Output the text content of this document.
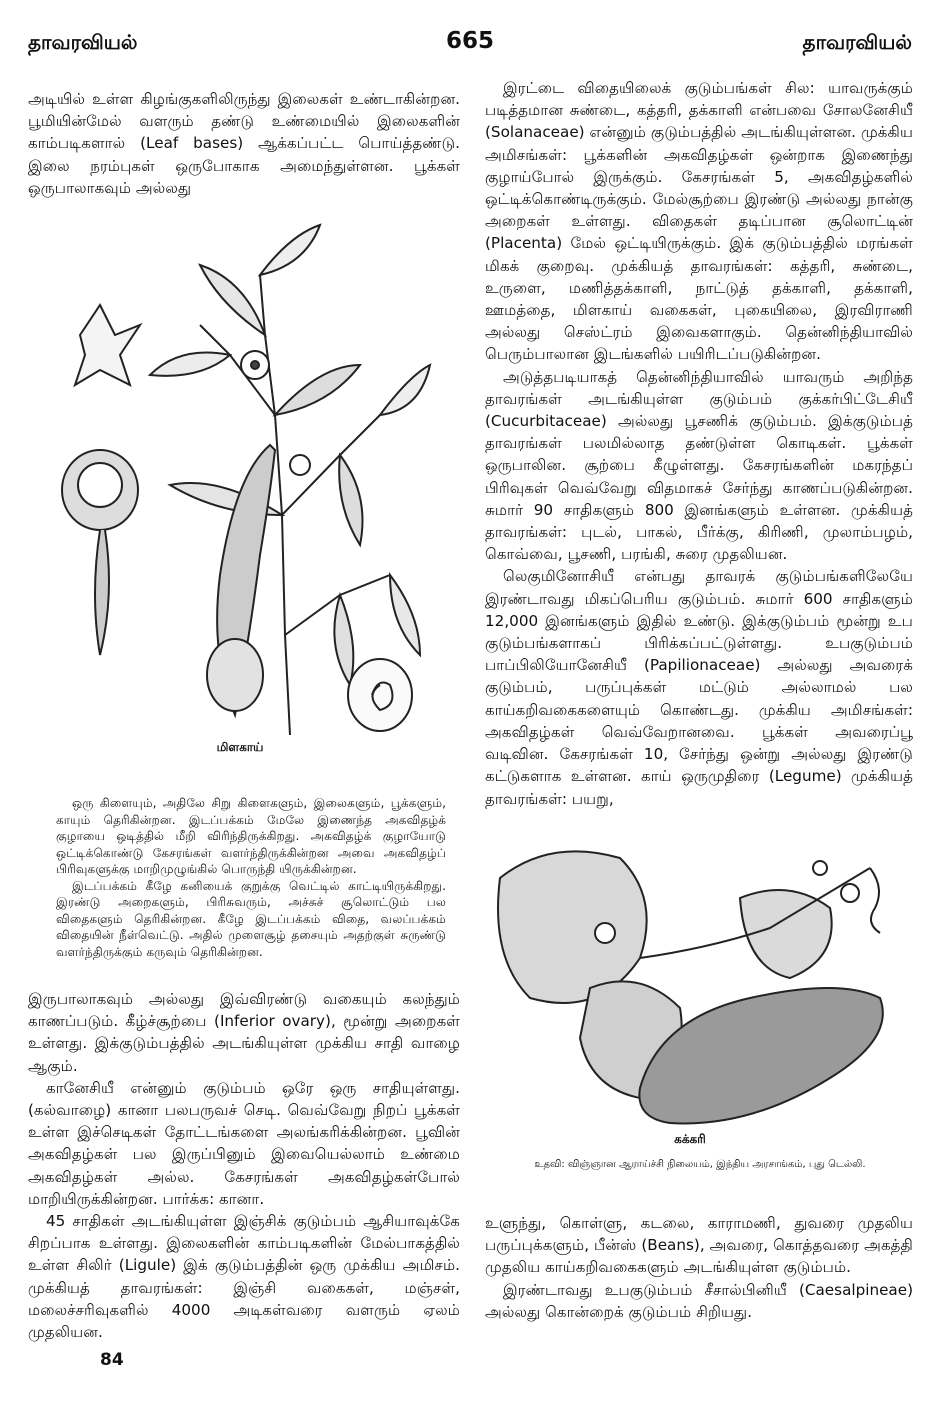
தாவரவியல்	665	தாவரவியல்

அடியில் உள்ள கிழங்குகளிலிருந்து இலைகள் உண்டாகின்றன. பூமியின்மேல் வளரும் தண்டு உண்மையில் இலைகளின் காம்படிகளால் (Leaf bases) ஆக்கப்பட்ட பொய்த்தண்டு. இலை நரம்புகள் ஒருபோகாக அமைந்துள்ளன. பூக்கள் ஒருபாலாகவும் அல்லது

மிளகாய்

ஒரு கிளையும், அதிலே சிறு கிளைகளும், இலைகளும், பூக்களும், காயும் தெரிகின்றன. இடப்பக்கம் மேலே இணைந்த அகவிதழ்க் குழாயை ஒடித்தில் மீறி விரிந்திருக்கிறது. அகவிதழ்க் குழாயோடு ஒட்டிக்கொண்டு கேசரங்கள் வளர்ந்திருக்கின்றன அவை அகவிதழ்ப் பிரிவுகளுக்கு மாறிமுழுங்கில் பொருந்தி யிருக்கின்றன.

இடப்பக்கம் கீழே கனியைக் குறுக்கு வெட்டில் காட்டியிருக்கிறது. இரண்டு அறைகளும், பிரிசுவரும், அச்சுச் சூலொட்டும் பல விதைகளும் தெரிகின்றன. கீழே இடப்பக்கம் விதை, வலப்பக்கம் விதையின் நீள்வெட்டு. அதில் முளைசூழ் தசையும் அதற்குள் சுருண்டு வளர்ந்திருக்கும் கருவும் தெரிகின்றன.

இருபாலாகவும் அல்லது இவ்விரண்டு வகையும் கலந்தும் காணப்படும். கீழ்ச்சூற்பை (Inferior ovary), மூன்று அறைகள் உள்ளது. இக்குடும்பத்தில் அடங்கியுள்ள முக்கிய சாதி வாழை ஆகும்.

கானேசியீ என்னும் குடும்பம் ஒரே ஒரு சாதியுள்ளது. (கல்வாழை) கானா பலபருவச் செடி. வெவ்வேறு நிறப் பூக்கள் உள்ள இச்செடிகள் தோட்டங்களை அலங்கரிக்கின்றன. பூவின் அகவிதழ்கள் பல இருப்பினும் இவையெல்லாம் உண்மை அகவிதழ்கள் அல்ல. கேசரங்கள் அகவிதழ்கள்போல் மாறியிருக்கின்றன. பார்க்க: கானா.

45 சாதிகள் அடங்கியுள்ள இஞ்சிக் குடும்பம் ஆசியாவுக்கே சிறப்பாக உள்ளது. இலைகளின் காம்படிகளின் மேல்பாகத்தில் உள்ள சிலிர் (Ligule) இக் குடும்பத்தின் ஒரு முக்கிய அமிசம். முக்கியத் தாவரங்கள்: இஞ்சி வகைகள், மஞ்சள், மலைச்சரிவுகளில் 4000 அடிகள்வரை வளரும் ஏலம் முதலியன.

இரட்டை விதையிலைக் குடும்பங்கள் சில: யாவருக்கும் படித்தமான சுண்டை, கத்தரி, தக்காளி என்பவை சோலனேசியீ (Solanaceae) என்னும் குடும்பத்தில் அடங்கியுள்ளன. முக்கிய அமிசங்கள்: பூக்களின் அகவிதழ்கள் ஒன்றாக இணைந்து குழாய்போல் இருக்கும். கேசரங்கள் 5, அகவிதழ்களில் ஒட்டிக்கொண்டிருக்கும். மேல்சூற்பை இரண்டு அல்லது நான்கு அறைகள் உள்ளது. விதைகள் தடிப்பான சூலொட்டின் (Placenta) மேல் ஒட்டியிருக்கும். இக் குடும்பத்தில் மரங்கள் மிகக் குறைவு. முக்கியத் தாவரங்கள்: கத்தரி, சுண்டை, உருளை, மணித்தக்காளி, நாட்டுத் தக்காளி, தக்காளி, ஊமத்தை, மிளகாய் வகைகள், புகையிலை, இரவிராணி அல்லது செஸ்ட்ரம் இவைகளாகும். தென்னிந்தியாவில் பெரும்பாலான இடங்களில் பயிரிடப்படுகின்றன.

அடுத்தபடியாகத் தென்னிந்தியாவில் யாவரும் அறிந்த தாவரங்கள் அடங்கியுள்ள குடும்பம் குக்கர்பிட்டேசியீ (Cucurbitaceae) அல்லது பூசணிக் குடும்பம். இக்குடும்பத் தாவரங்கள் பலமில்லாத தண்டுள்ள கொடிகள். பூக்கள் ஒருபாலின. சூற்பை கீழுள்ளது. கேசரங்களின் மகரந்தப் பிரிவுகள் வெவ்வேறு விதமாகச் சேர்ந்து காணப்படுகின்றன. சுமார் 90 சாதிகளும் 800 இனங்களும் உள்ளன. முக்கியத் தாவரங்கள்: புடல், பாகல், பீர்க்கு, கிரிணி, முலாம்பழம், கொவ்வை, பூசணி, பரங்கி, சுரை முதலியன.

லெகுமினோசியீ என்பது தாவரக் குடும்பங்களிலேயே இரண்டாவது மிகப்பெரிய குடும்பம். சுமார் 600 சாதிகளும் 12,000 இனங்களும் இதில் உண்டு. இக்குடும்பம் மூன்று உப குடும்பங்களாகப் பிரிக்கப்பட்டுள்ளது. உபகுடும்பம் பாப்பிலியோனேசியீ (Papilionaceae) அல்லது அவரைக் குடும்பம், பருப்புக்கள் மட்டும் அல்லாமல் பல காய்கறிவகைகளையும் கொண்டது. முக்கிய அமிசங்கள்: அகவிதழ்கள் வெவ்வேறானவை. பூக்கள் அவரைப்பூ வடிவின. கேசரங்கள் 10, சேர்ந்து ஒன்று அல்லது இரண்டு கட்டுகளாக உள்ளன. காய் ஒருமுதிரை (Legume) முக்கியத் தாவரங்கள்: பயறு,

கக்கரி
உதவி: விஞ்ஞான ஆராய்ச்சி நிலையம், இந்திய அரசாங்கம், புது டெல்லி.

உளுந்து, கொள்ளு, கடலை, காராமணி, துவரை முதலிய பருப்புக்களும், பீன்ஸ் (Beans), அவரை, கொத்தவரை அகத்தி முதலிய காய்கறிவகைகளும் அடங்கியுள்ள குடும்பம்.

இரண்டாவது உபகுடும்பம் சீசால்பினியீ (Caesalpineae) அல்லது கொன்றைக் குடும்பம் சிறியது.

84
